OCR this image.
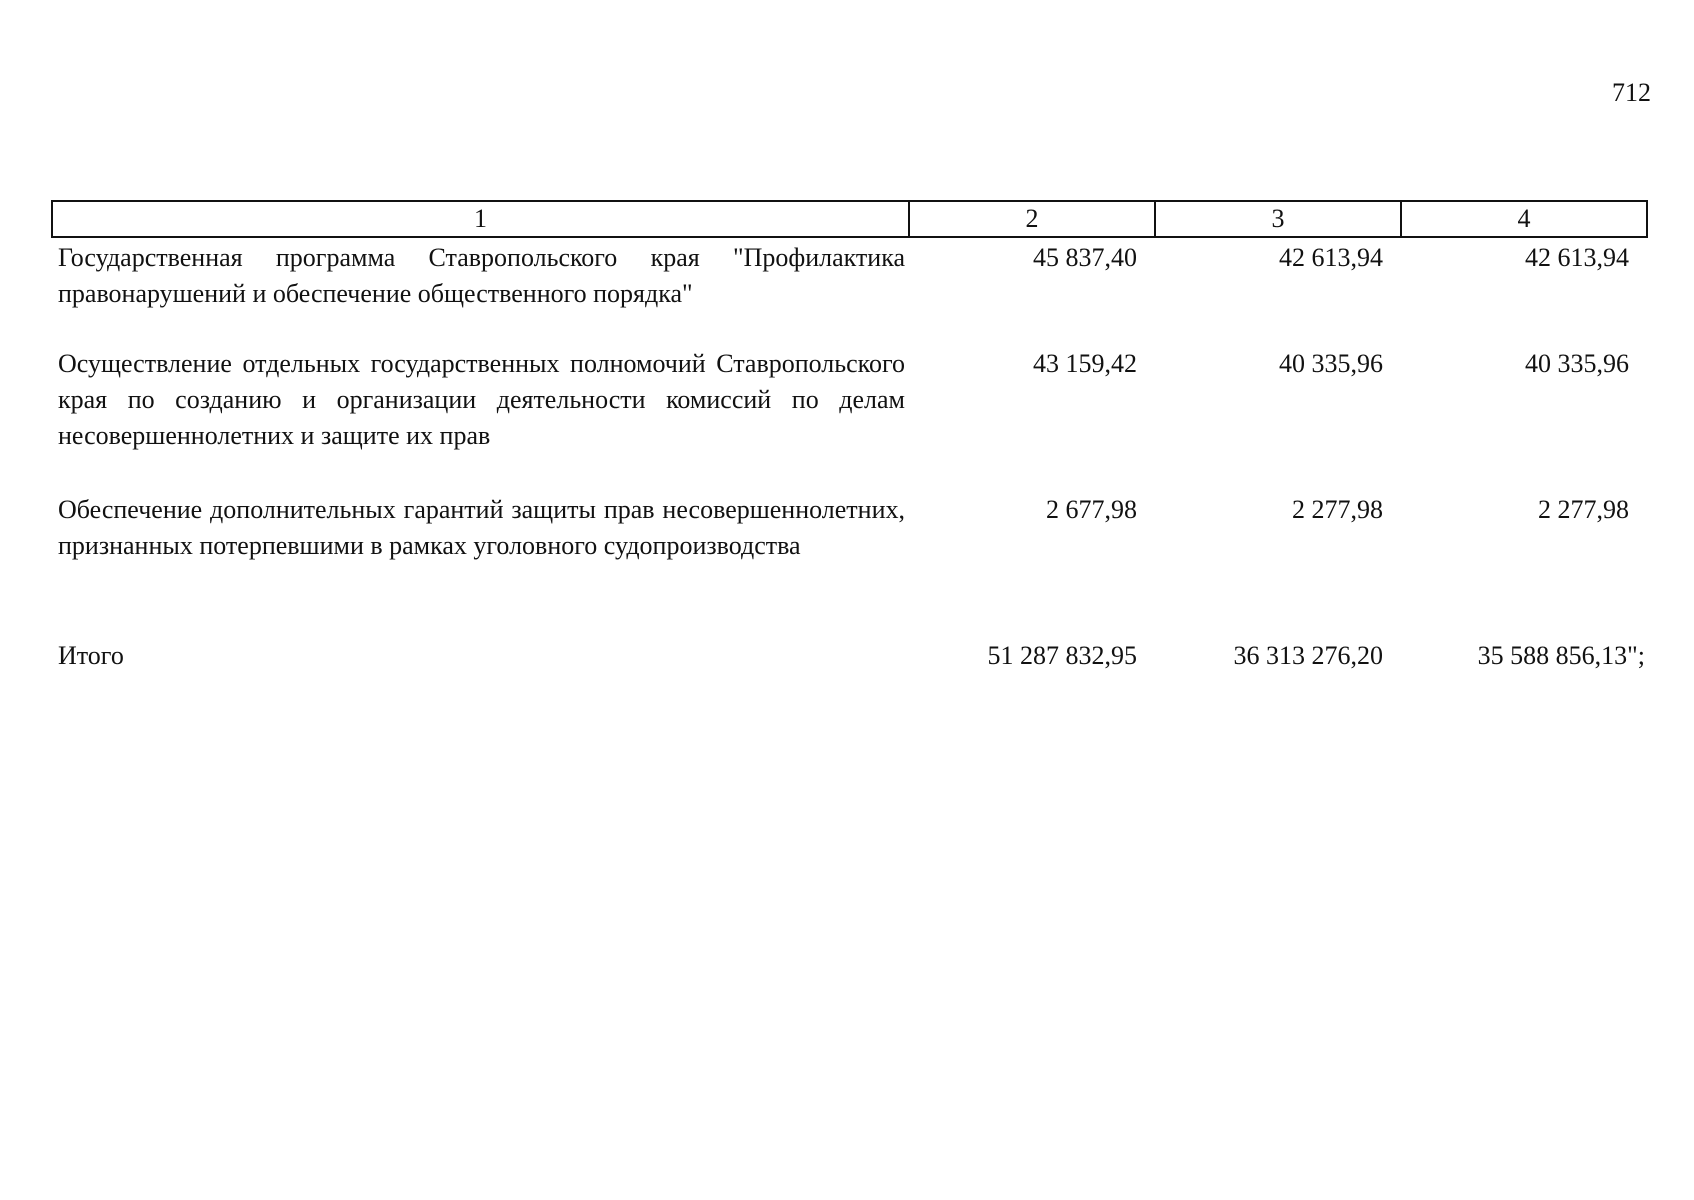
712
1	2	3	4
Государственная программа Ставропольского края "Профилактика правонарушений и обеспечение общественного порядка"	45 837,40	42 613,94	42 613,94
Осуществление отдельных государственных полномочий Ставропольского края по созданию и организации деятельности комиссий по делам несовершеннолетних и защите их прав	43 159,42	40 335,96	40 335,96
Обеспечение дополнительных гарантий защиты прав несовершеннолетних, признанных потерпевшими в рамках уголовного судопроизводства	2 677,98	2 277,98	2 277,98
Итого	51 287 832,95	36 313 276,20	35 588 856,13";
